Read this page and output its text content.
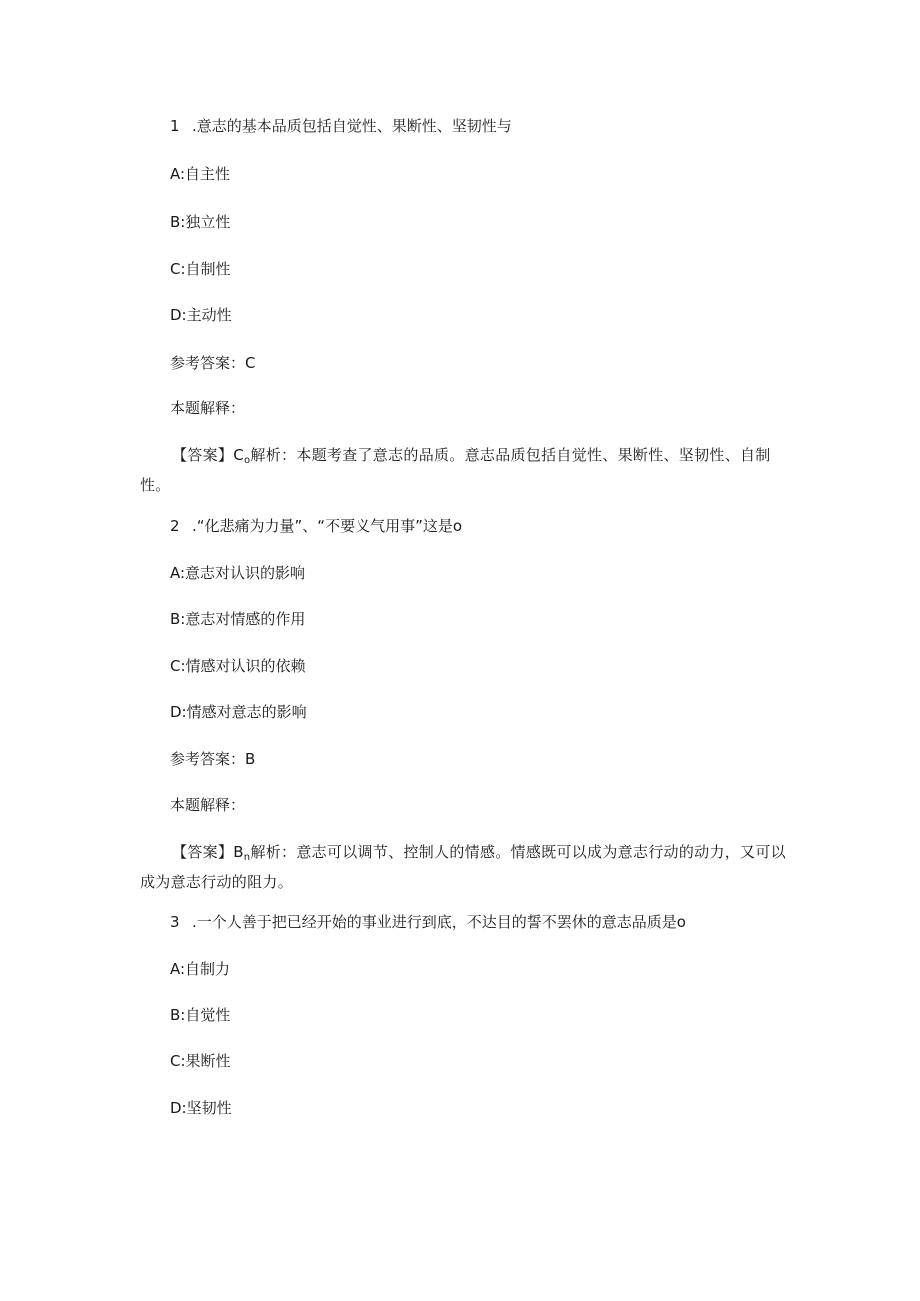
1 .意志的基本品质包括自觉性、果断性、坚韧性与
A:自主性
B:独立性
C:自制性
D:主动性
参考答案：C
本题解释：
【答案】$C_o$解析：本题考查了意志的品质。意志品质包括自觉性、果断性、坚韧性、自制性。
2 .“化悲痛为力量”、“不要义气用事”这是o
A:意志对认识的影响
B:意志对情感的作用
C:情感对认识的依赖
D:情感对意志的影响
参考答案：B
本题解释：
【答案】$B_n$解析：意志可以调节、控制人的情感。情感既可以成为意志行动的动力，又可以成为意志行动的阻力。
3 .一个人善于把已经开始的事业进行到底，不达目的誓不罢休的意志品质是o
A:自制力
B:自觉性
C:果断性
D:坚韧性
